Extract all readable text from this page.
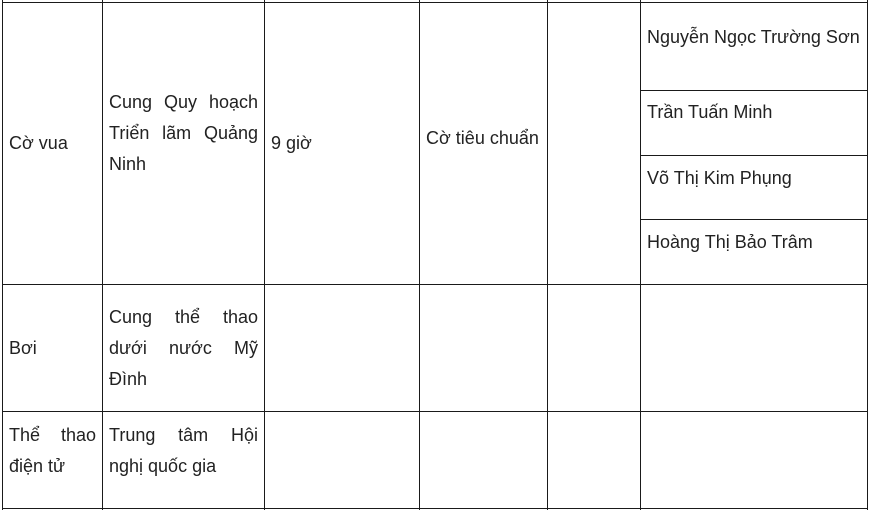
Cờ vua
Cung Quy hoạch Triển lãm Quảng Ninh
9 giờ	Cờ tiêu chuẩn
Nguyễn Ngọc Trường Sơn
Trần Tuấn Minh
Võ Thị Kim Phụng
Hoàng Thị Bảo Trâm
Bơi
Cung thể thao dưới nước Mỹ Đình
Thể thao điện tử
Trung tâm Hội nghị quốc gia
